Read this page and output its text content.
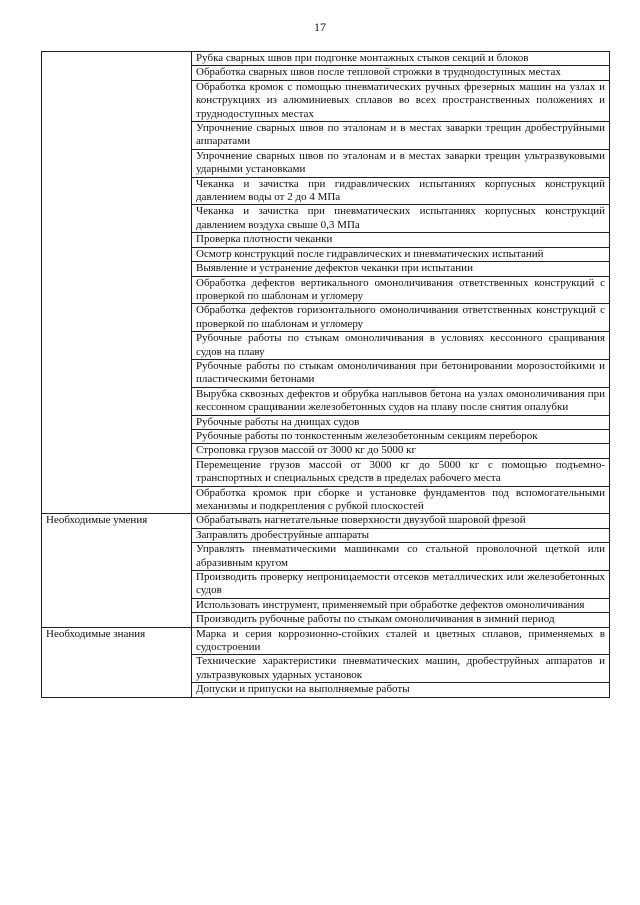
17
	Рубка сварных швов при подгонке монтажных стыков секций и блоков
	Обработка сварных швов после тепловой строжки в труднодоступных местах
	Обработка кромок с помощью пневматических ручных фрезерных машин на узлах и конструкциях из алюминиевых сплавов во всех пространственных положениях и труднодоступных местах
	Упрочнение сварных швов по эталонам и в местах заварки трещин дробеструйными аппаратами
	Упрочнение сварных швов по эталонам и в местах заварки трещин ультразвуковыми ударными установками
	Чеканка и зачистка при гидравлических испытаниях корпусных конструкций давлением воды от 2 до 4 МПа
	Чеканка и зачистка при пневматических испытаниях корпусных конструкций давлением воздуха свыше 0,3 МПа
	Проверка плотности чеканки
	Осмотр конструкций после гидравлических и пневматических испытаний
	Выявление и устранение дефектов чеканки при испытании
	Обработка дефектов вертикального омоноличивания ответственных конструкций с проверкой по шаблонам и угломеру
	Обработка дефектов горизонтального омоноличивания ответственных конструкций с проверкой по шаблонам и угломеру
	Рубочные работы по стыкам омоноличивания в условиях кессонного сращивания судов на плаву
	Рубочные работы по стыкам омоноличивания при бетонировании морозостойкими и пластическими бетонами
	Вырубка сквозных дефектов и обрубка наплывов бетона на узлах омоноличивания при кессонном сращивании железобетонных судов на плаву после снятия опалубки
	Рубочные работы на днищах судов
	Рубочные работы по тонкостенным железобетонным секциям переборок
	Строповка грузов массой от 3000 кг до 5000 кг
	Перемещение грузов массой от 3000 кг до 5000 кг с помощью подъемно-транспортных и специальных средств в пределах рабочего места
	Обработка кромок при сборке и установке фундаментов под вспомогательными механизмы и подкрепления с рубкой плоскостей
Необходимые умения	Обрабатывать нагнетательные поверхности двузубой шаровой фрезой
	Заправлять дробеструйные аппараты
	Управлять пневматическими машинками со стальной проволочной щеткой или абразивным кругом
	Производить проверку непроницаемости отсеков металлических или железобетонных судов
	Использовать инструмент, применяемый при обработке дефектов омоноличивания
	Производить рубочные работы по стыкам омоноличивания в зимний период
Необходимые знания	Марка и серия коррозионно-стойких сталей и цветных сплавов, применяемых в судостроении
	Технические характеристики пневматических машин, дробеструйных аппаратов и ультразвуковых ударных установок
	Допуски и припуски на выполняемые работы
